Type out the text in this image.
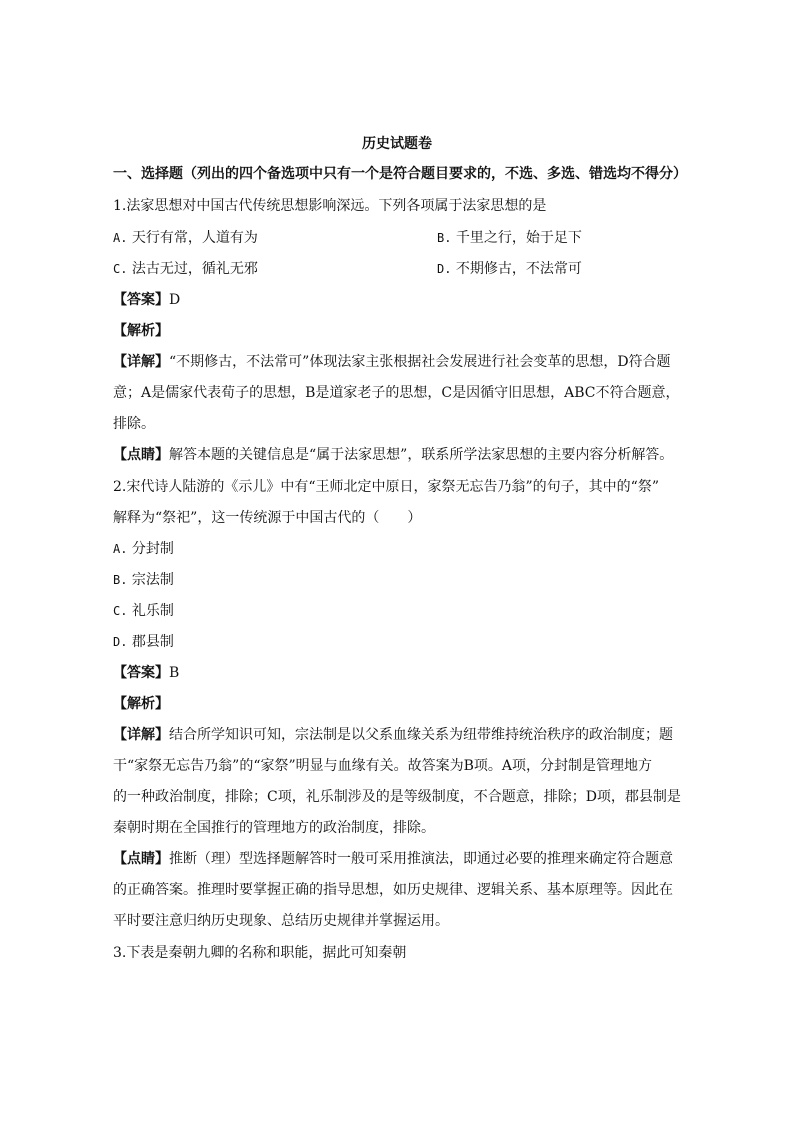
历史试题卷
一、选择题（列出的四个备选项中只有一个是符合题目要求的，不选、多选、错选均不得分）
1.法家思想对中国古代传统思想影响深远。下列各项属于法家思想的是
A. 天行有常，人道有为	B. 千里之行，始于足下
C. 法古无过，循礼无邪	D. 不期修古，不法常可
【答案】D
【解析】
【详解】“不期修古，不法常可”体现法家主张根据社会发展进行社会变革的思想，D符合题
意；A是儒家代表荀子的思想，B是道家老子的思想，C是因循守旧思想，ABC不符合题意，
排除。
【点睛】解答本题的关键信息是“属于法家思想”，联系所学法家思想的主要内容分析解答。
2.宋代诗人陆游的《示儿》中有“王师北定中原日，家祭无忘告乃翁”的句子，其中的“祭”
解释为“祭祀”，这一传统源于中国古代的（　　）
A. 分封制
B. 宗法制
C. 礼乐制
D. 郡县制
【答案】B
【解析】
【详解】结合所学知识可知，宗法制是以父系血缘关系为纽带维持统治秩序的政治制度；题
干“家祭无忘告乃翁”的“家祭”明显与血缘有关。故答案为B项。A项，分封制是管理地方
的一种政治制度，排除；C项，礼乐制涉及的是等级制度，不合题意，排除；D项，郡县制是
秦朝时期在全国推行的管理地方的政治制度，排除。
【点睛】推断（理）型选择题解答时一般可采用推演法，即通过必要的推理来确定符合题意
的正确答案。推理时要掌握正确的指导思想，如历史规律、逻辑关系、基本原理等。因此在
平时要注意归纳历史现象、总结历史规律并掌握运用。
3.下表是秦朝九卿的名称和职能，据此可知秦朝
